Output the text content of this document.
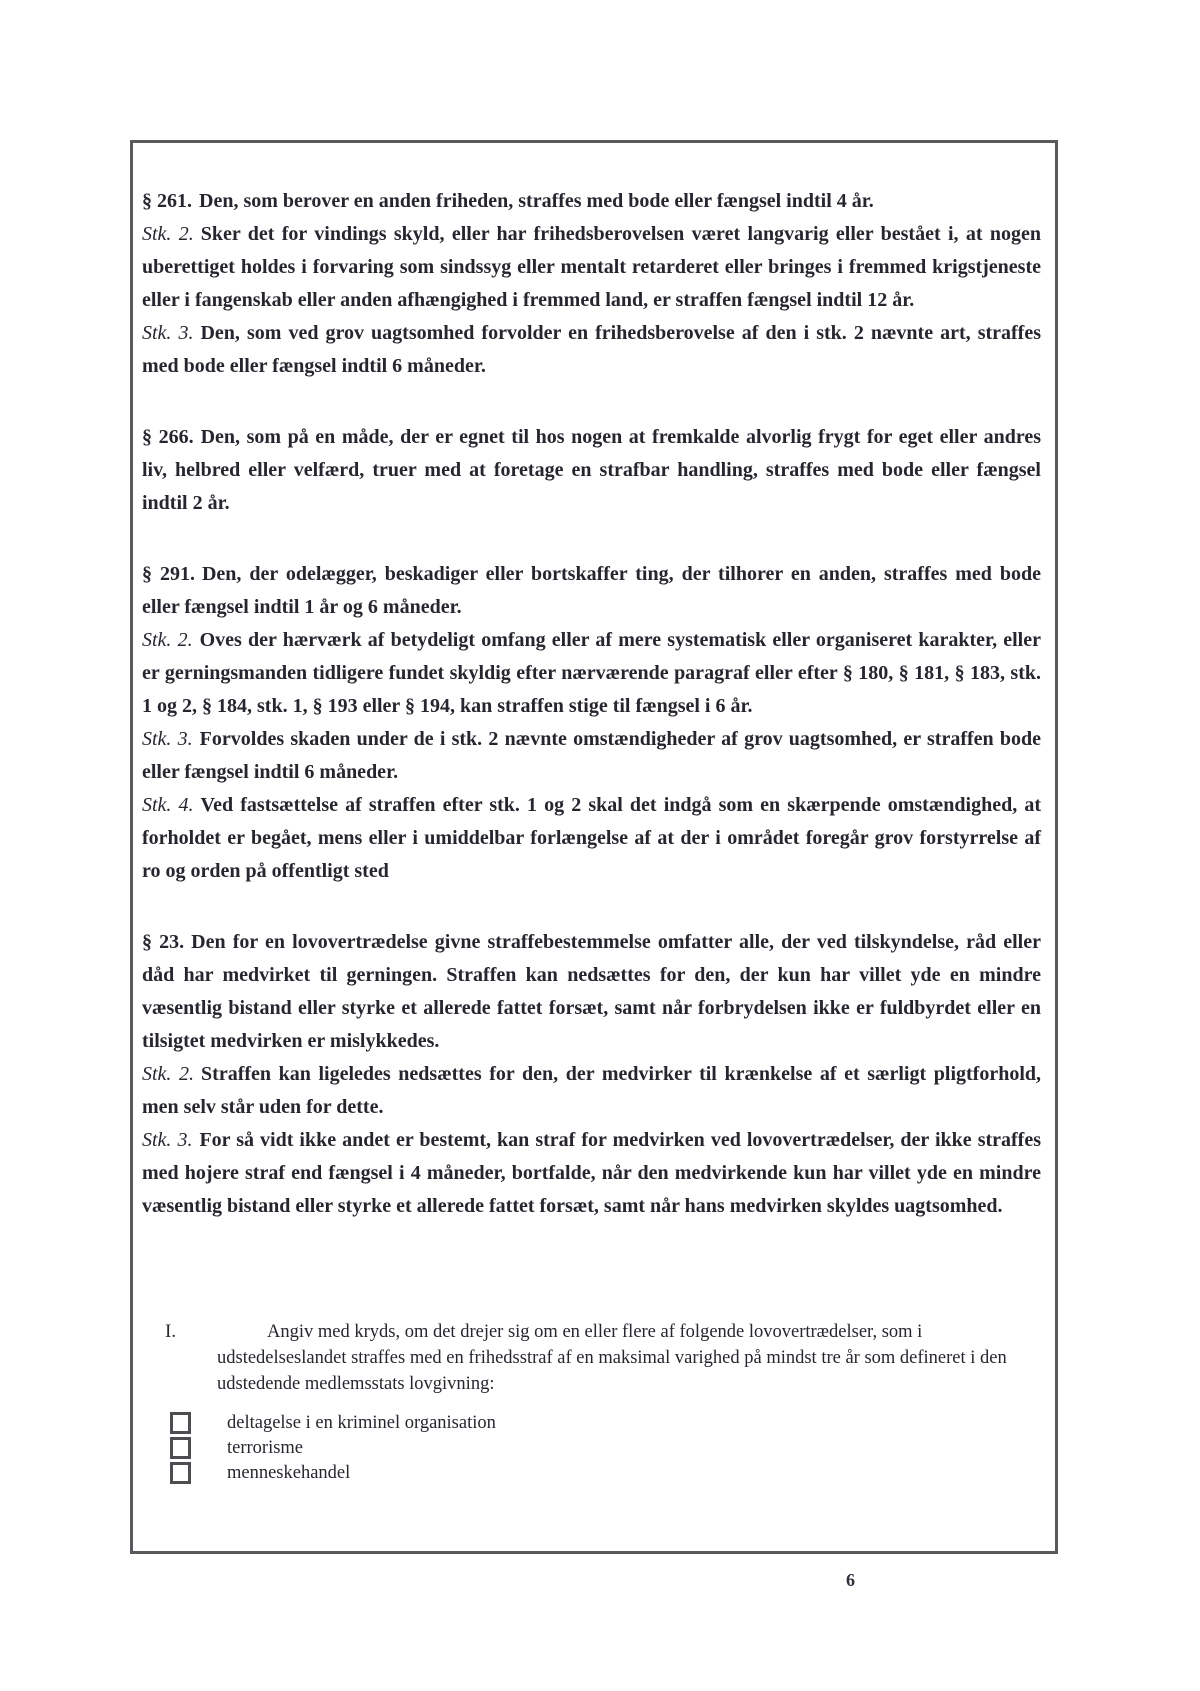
§ 261. Den, som berover en anden friheden, straffes med bode eller fængsel indtil 4 år.

Stk. 2. Sker det for vindings skyld, eller har frihedsberovelsen været langvarig eller bestået i, at nogen uberettiget holdes i forvaring som sindssyg eller mentalt retarderet eller bringes i fremmed krigstjeneste eller i fangenskab eller anden afhængighed i fremmed land, er straffen fængsel indtil 12 år.

Stk. 3. Den, som ved grov uagtsomhed forvolder en frihedsberovelse af den i stk. 2 nævnte art, straffes med bode eller fængsel indtil 6 måneder.

§ 266. Den, som på en måde, der er egnet til hos nogen at fremkalde alvorlig frygt for eget eller andres liv, helbred eller velfærd, truer med at foretage en strafbar handling, straffes med bode eller fængsel indtil 2 år.

§ 291. Den, der odelægger, beskadiger eller bortskaffer ting, der tilhorer en anden, straffes med bode eller fængsel indtil 1 år og 6 måneder.

Stk. 2. Oves der hærværk af betydeligt omfang eller af mere systematisk eller organiseret karakter, eller er gerningsmanden tidligere fundet skyldig efter nærværende paragraf eller efter § 180, § 181, § 183, stk. 1 og 2, § 184, stk. 1, § 193 eller § 194, kan straffen stige til fængsel i 6 år.

Stk. 3. Forvoldes skaden under de i stk. 2 nævnte omstændigheder af grov uagtsomhed, er straffen bode eller fængsel indtil 6 måneder.

Stk. 4. Ved fastsættelse af straffen efter stk. 1 og 2 skal det indgå som en skærpende omstændighed, at forholdet er begået, mens eller i umiddelbar forlængelse af at der i området foregår grov forstyrrelse af ro og orden på offentligt sted

§ 23. Den for en lovovertrædelse givne straffebestemmelse omfatter alle, der ved tilskyndelse, råd eller dåd har medvirket til gerningen. Straffen kan nedsættes for den, der kun har villet yde en mindre væsentlig bistand eller styrke et allerede fattet forsæt, samt når forbrydelsen ikke er fuldbyrdet eller en tilsigtet medvirken er mislykkedes.

Stk. 2. Straffen kan ligeledes nedsættes for den, der medvirker til krænkelse af et særligt pligtforhold, men selv står uden for dette.

Stk. 3. For så vidt ikke andet er bestemt, kan straf for medvirken ved lovovertrædelser, der ikke straffes med hojere straf end fængsel i 4 måneder, bortfalde, når den medvirkende kun har villet yde en mindre væsentlig bistand eller styrke et allerede fattet forsæt, samt når hans medvirken skyldes uagtsomhed.

I.	Angiv med kryds, om det drejer sig om en eller flere af folgende lovovertrædelser, som i udstedelseslandet straffes med en frihedsstraf af en maksimal varighed på mindst tre år som defineret i den udstedende medlemsstats lovgivning:

deltagelse i en kriminel organisation
terrorisme
menneskehandel
6
